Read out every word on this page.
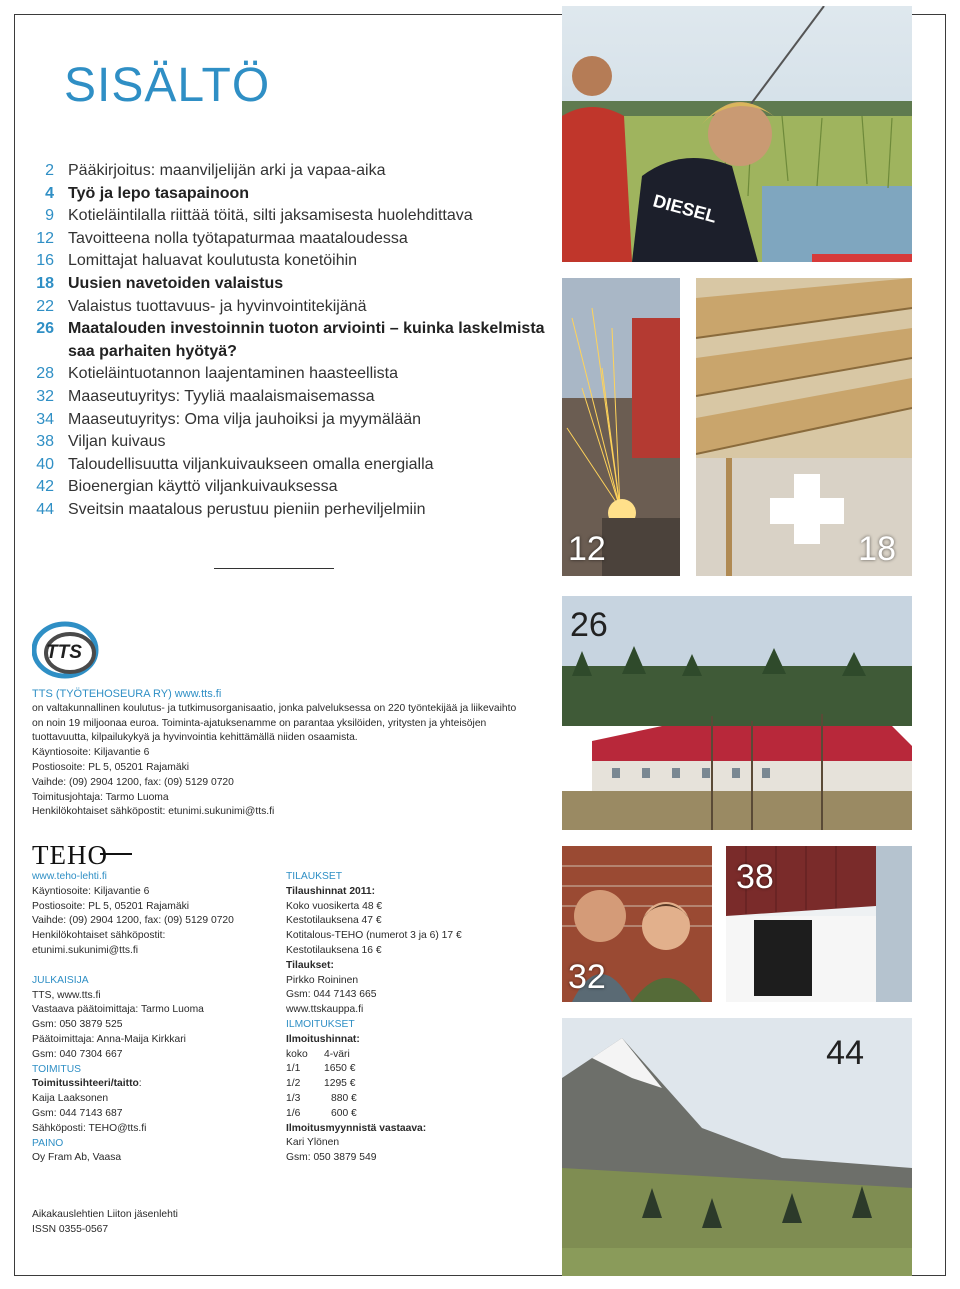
SISÄLTÖ
2 Pääkirjoitus: maanviljelijän arki ja vapaa-aika
4 Työ ja lepo tasapainoon
9 Kotieläintilalla riittää töitä, silti jaksamisesta huolehdittava
12 Tavoitteena nolla työtapaturmaa maataloudessa
16 Lomittajat haluavat koulutusta konetöihin
18 Uusien navetoiden valaistus
22 Valaistus tuottavuus- ja hyvinvointitekijänä
26 Maatalouden investoinnin tuoton arviointi – kuinka laskelmista saa parhaiten hyötyä?
28 Kotieläintuotannon laajentaminen haasteellista
32 Maaseutuyritys: Tyyliä maalaismaisemassa
34 Maaseutuyritys: Oma vilja jauhoiksi ja myymälään
38 Viljan kuivaus
40 Taloudellisuutta viljankuivaukseen omalla energialla
42 Bioenergian käyttö viljankuivauksessa
44 Sveitsin maatalous perustuu pieniin perheviljelmiin
TTS
TTS (TYÖTEHOSEURA RY) www.tts.fi
on valtakunnallinen koulutus- ja tutkimusorganisaatio, jonka palveluksessa on 220 työntekijää ja liikevaihto
on noin 19 miljoonaa euroa. Toiminta-ajatuksenamme on parantaa yksilöiden, yritysten ja yhteisöjen
tuottavuutta, kilpailukykyä ja hyvinvointia kehittämällä niiden osaamista.
Käyntiosoite: Kiljavantie 6
Postiosoite: PL 5, 05201 Rajamäki
Vaihde: (09) 2904 1200, fax: (09) 5129 0720
Toimitusjohtaja: Tarmo Luoma
Henkilökohtaiset sähköpostit: etunimi.sukunimi@tts.fi
TEHO
www.teho-lehti.fi
Käyntiosoite: Kiljavantie 6
Postiosoite: PL 5, 05201 Rajamäki
Vaihde: (09) 2904 1200, fax: (09) 5129 0720
Henkilökohtaiset sähköpostit:
etunimi.sukunimi@tts.fi
JULKAISIJA
TTS, www.tts.fi
Vastaava päätoimittaja: Tarmo Luoma
Gsm: 050 3879 525
Päätoimittaja: Anna-Maija Kirkkari
Gsm: 040 7304 667
TOIMITUS
Toimitussihteeri/taitto:
Kaija Laaksonen
Gsm: 044 7143 687
Sähköposti: TEHO@tts.fi
PAINO
Oy Fram Ab, Vaasa
TILAUKSET
Tilaushinnat 2011:
Koko vuosikerta 48 €
Kestotilauksena 47 €
Kotitalous-TEHO (numerot 3 ja 6) 17 €
Kestotilauksena 16 €
Tilaukset:
Pirkko Roininen
Gsm: 044 7143 665
www.ttskauppa.fi
ILMOITUKSET
Ilmoitushinnat:
koko 4-väri
1/1 1650 €
1/2 1295 €
1/3	880 €
1/6	600 €
Ilmoitusmyynnistä vastaava:
Kari Ylönen
Gsm: 050 3879 549
Aikakauslehtien Liiton jäsenlehti
ISSN 0355-0567
DIESEL
12	18
26
32
38
44
